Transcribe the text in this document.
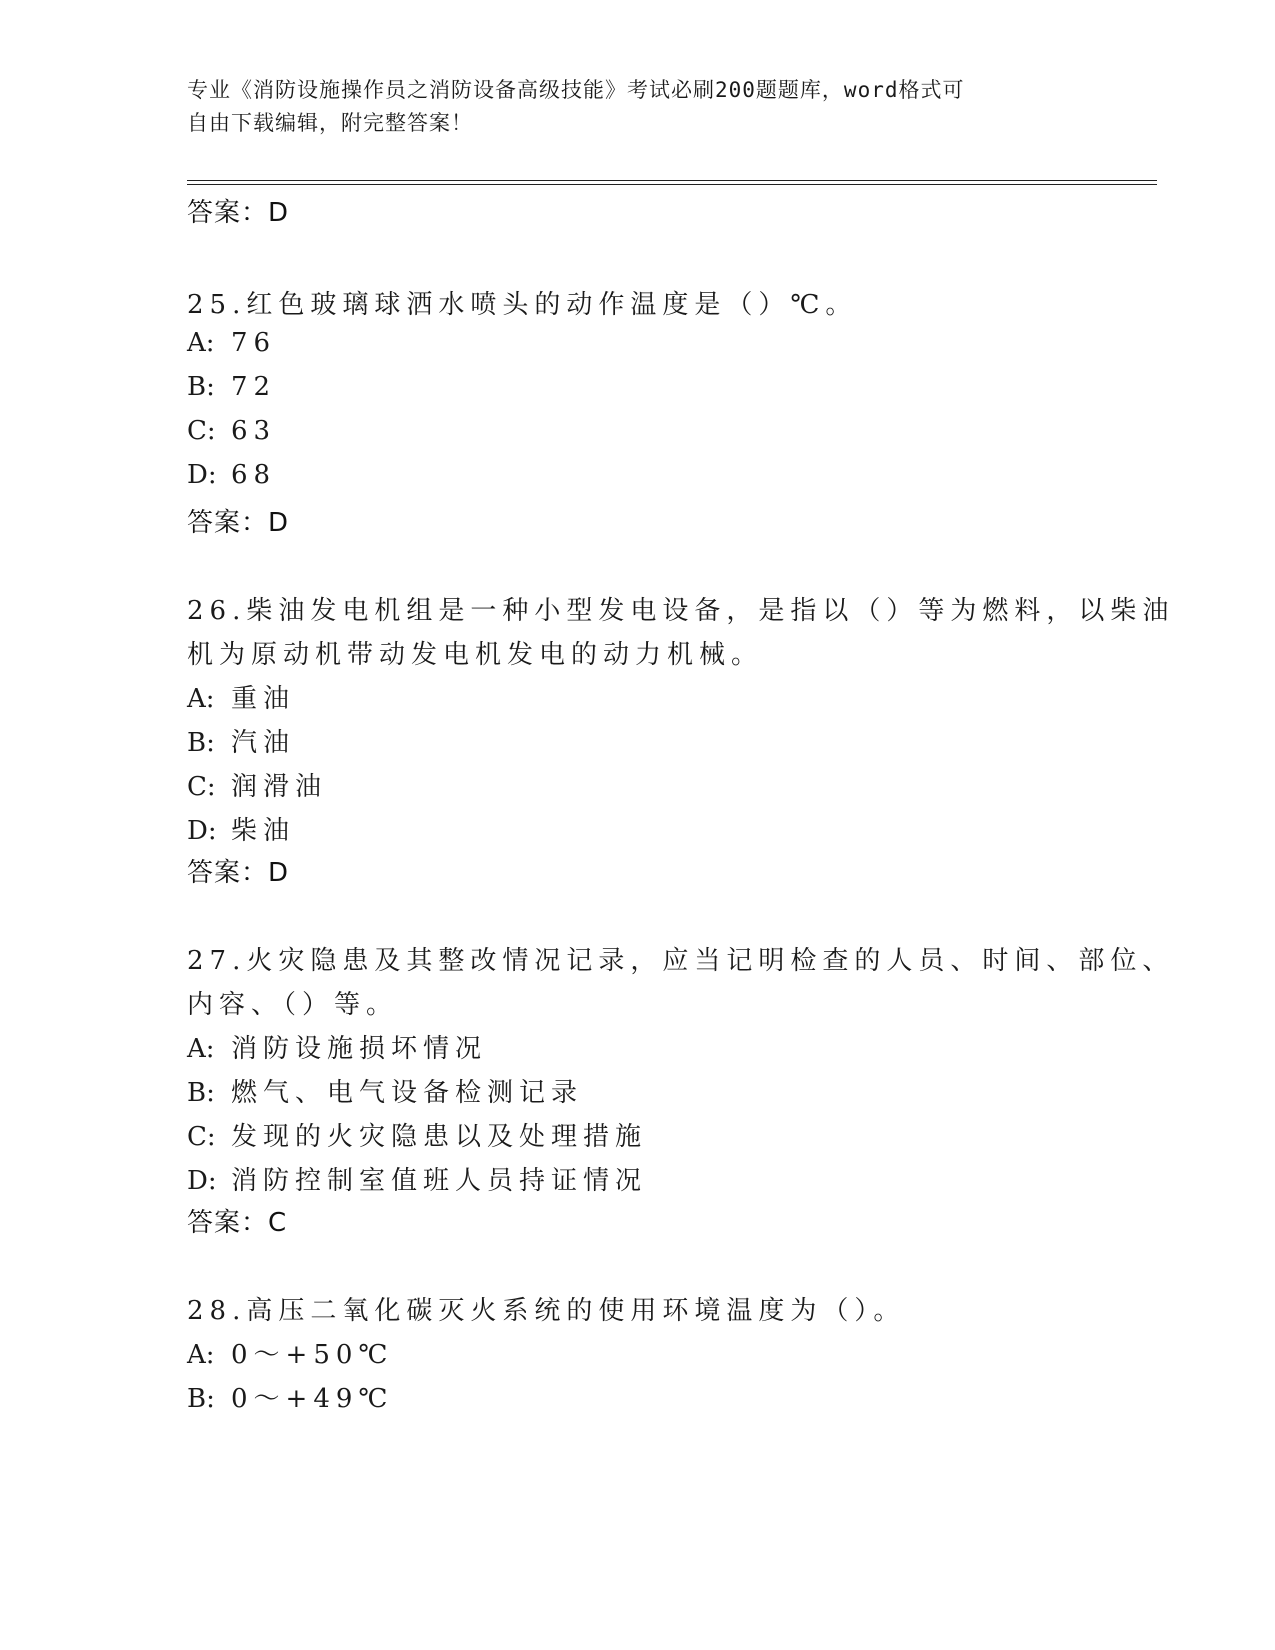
专业《消防设施操作员之消防设备高级技能》考试必刷200题题库，word格式可
自由下载编辑，附完整答案！
答案：D
25.红色玻璃球洒水喷头的动作温度是（）℃。
A: 76
B: 72
C: 63
D: 68
答案：D
26.柴油发电机组是一种小型发电设备，是指以（）等为燃料，以柴油
机为原动机带动发电机发电的动力机械。
A: 重油
B: 汽油
C: 润滑油
D: 柴油
答案：D
27.火灾隐患及其整改情况记录，应当记明检查的人员、时间、部位、
内容、（）等。
A: 消防设施损坏情况
B: 燃气、电气设备检测记录
C: 发现的火灾隐患以及处理措施
D: 消防控制室值班人员持证情况
答案：C
28.高压二氧化碳灭火系统的使用环境温度为（）。
A: 0～+50℃
B: 0～+49℃
